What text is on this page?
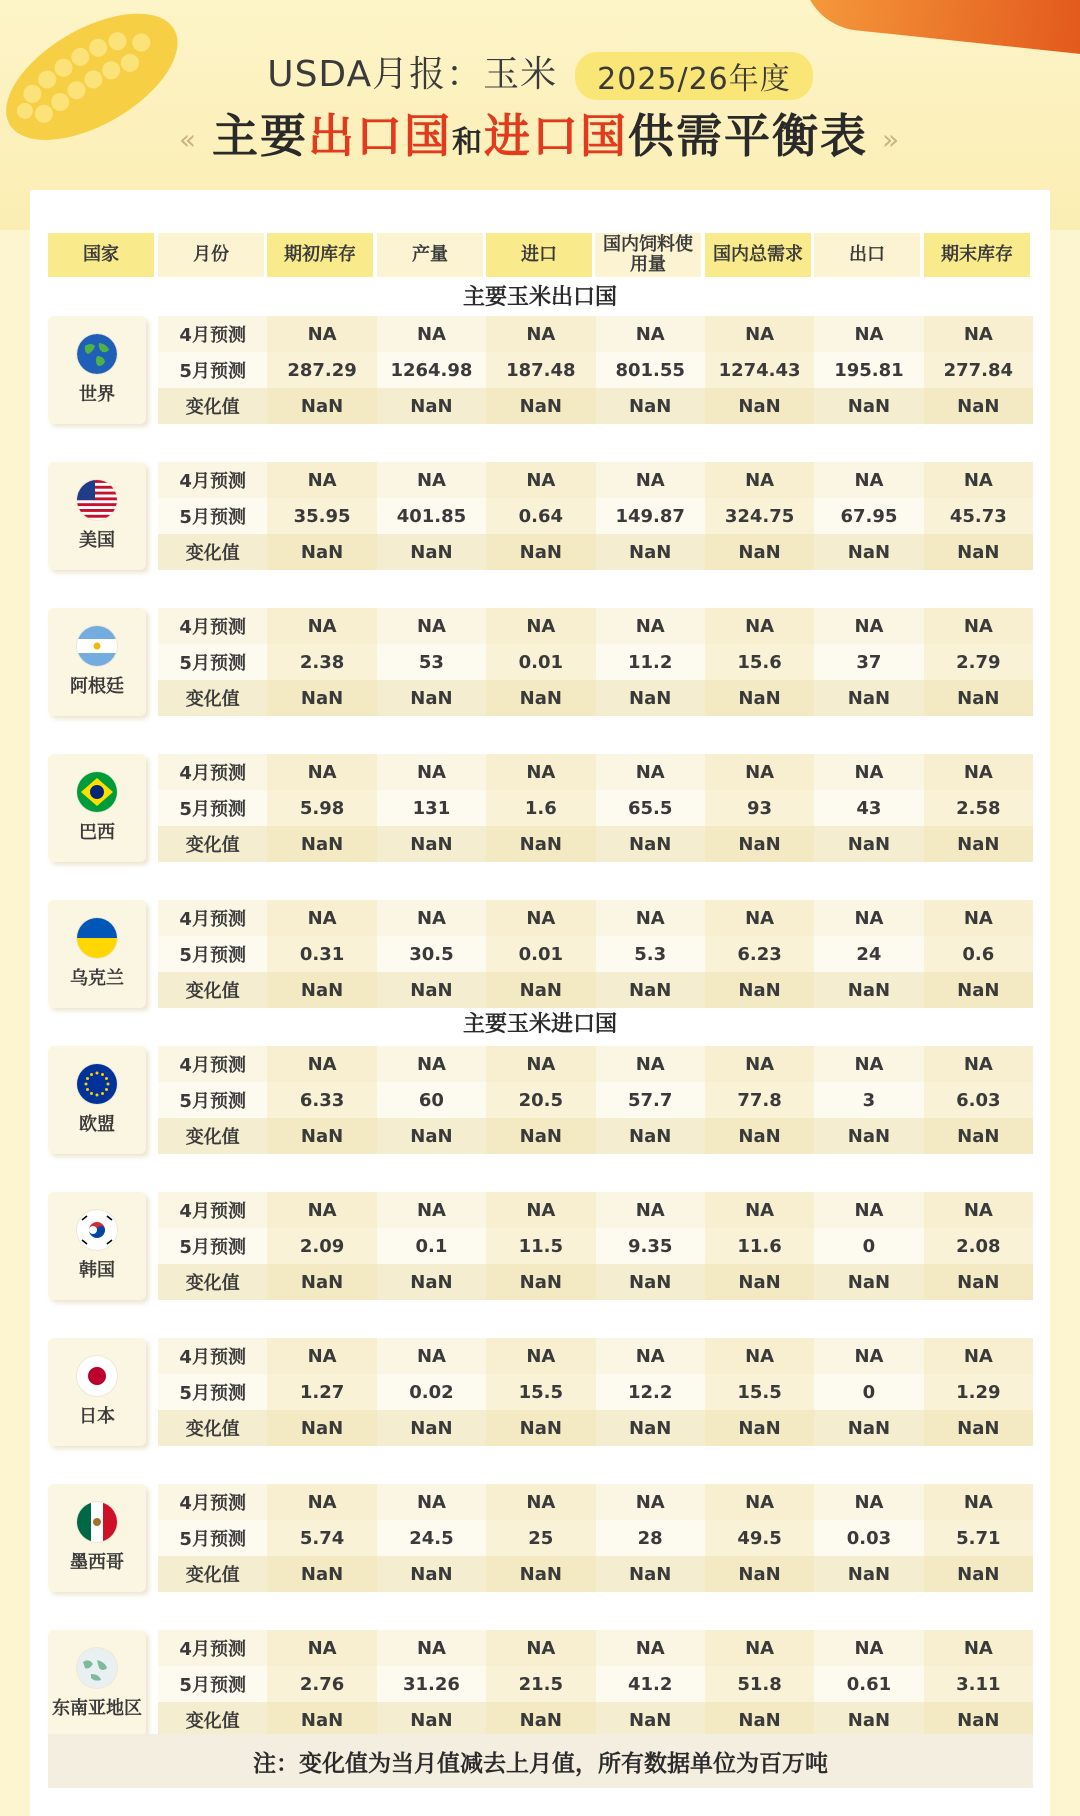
USDA月报：玉米 2025/26年度
« 主要出口国和进口国供需平衡表 »
国家	月份	期初库存	产量	进口	国内饲料使用量	国内总需求	出口	期末库存
主要玉米出口国
主要玉米进口国
世界
4月预测	NA	NA	NA	NA	NA	NA	NA
5月预测	287.29	1264.98	187.48	801.55	1274.43	195.81	277.84
变化值	NaN	NaN	NaN	NaN	NaN	NaN	NaN
美国
4月预测	NA	NA	NA	NA	NA	NA	NA
5月预测	35.95	401.85	0.64	149.87	324.75	67.95	45.73
变化值	NaN	NaN	NaN	NaN	NaN	NaN	NaN
阿根廷
4月预测	NA	NA	NA	NA	NA	NA	NA
5月预测	2.38	53	0.01	11.2	15.6	37	2.79
变化值	NaN	NaN	NaN	NaN	NaN	NaN	NaN
巴西
4月预测	NA	NA	NA	NA	NA	NA	NA
5月预测	5.98	131	1.6	65.5	93	43	2.58
变化值	NaN	NaN	NaN	NaN	NaN	NaN	NaN
乌克兰
4月预测	NA	NA	NA	NA	NA	NA	NA
5月预测	0.31	30.5	0.01	5.3	6.23	24	0.6
变化值	NaN	NaN	NaN	NaN	NaN	NaN	NaN
欧盟
4月预测	NA	NA	NA	NA	NA	NA	NA
5月预测	6.33	60	20.5	57.7	77.8	3	6.03
变化值	NaN	NaN	NaN	NaN	NaN	NaN	NaN
韩国
4月预测	NA	NA	NA	NA	NA	NA	NA
5月预测	2.09	0.1	11.5	9.35	11.6	0	2.08
变化值	NaN	NaN	NaN	NaN	NaN	NaN	NaN
日本
4月预测	NA	NA	NA	NA	NA	NA	NA
5月预测	1.27	0.02	15.5	12.2	15.5	0	1.29
变化值	NaN	NaN	NaN	NaN	NaN	NaN	NaN
墨西哥
4月预测	NA	NA	NA	NA	NA	NA	NA
5月预测	5.74	24.5	25	28	49.5	0.03	5.71
变化值	NaN	NaN	NaN	NaN	NaN	NaN	NaN
东南亚地区
4月预测	NA	NA	NA	NA	NA	NA	NA
5月预测	2.76	31.26	21.5	41.2	51.8	0.61	3.11
变化值	NaN	NaN	NaN	NaN	NaN	NaN	NaN
注：变化值为当月值减去上月值，所有数据单位为百万吨
